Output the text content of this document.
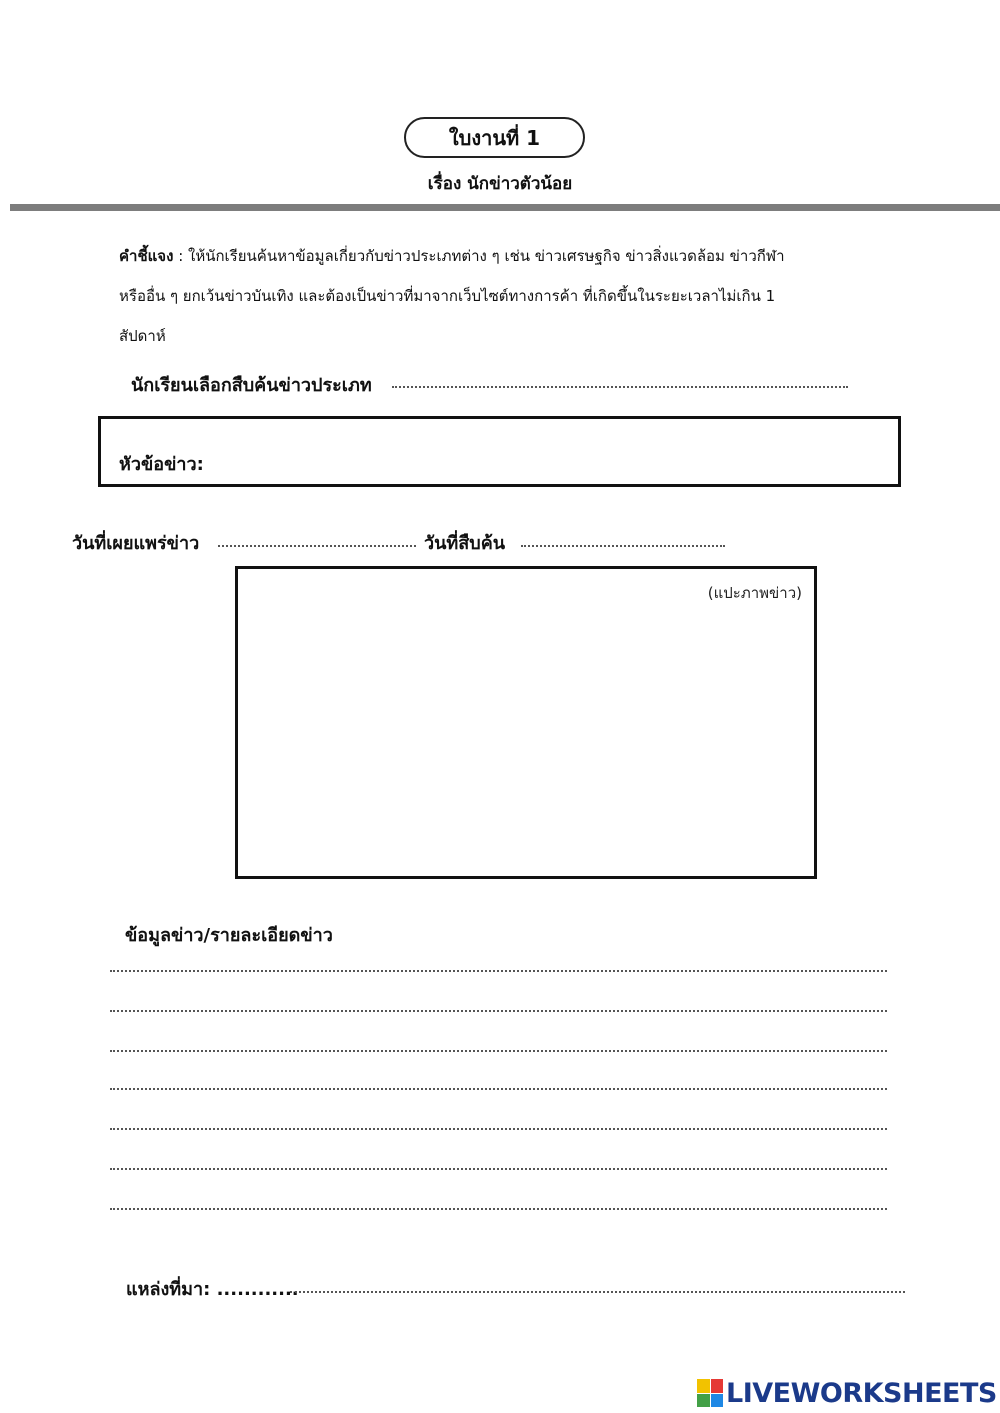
ใบงานที่ 1
เรื่อง นักข่าวตัวน้อย
คำชี้แจง : ให้นักเรียนค้นหาข้อมูลเกี่ยวกับข่าวประเภทต่าง ๆ เช่น ข่าวเศรษฐกิจ ข่าวสิ่งแวดล้อม ข่าวกีฬา
หรืออื่น ๆ ยกเว้นข่าวบันเทิง และต้องเป็นข่าวที่มาจากเว็บไซต์ทางการค้า ที่เกิดขึ้นในระยะเวลาไม่เกิน 1
สัปดาห์
นักเรียนเลือกสืบค้นข่าวประเภท
หัวข้อข่าว:
วันที่เผยแพร่ข่าว	วันที่สืบค้น
(แปะภาพข่าว)
ข้อมูลข่าว/รายละเอียดข่าว
แหล่งที่มา: ............
LIVEWORKSHEETS
